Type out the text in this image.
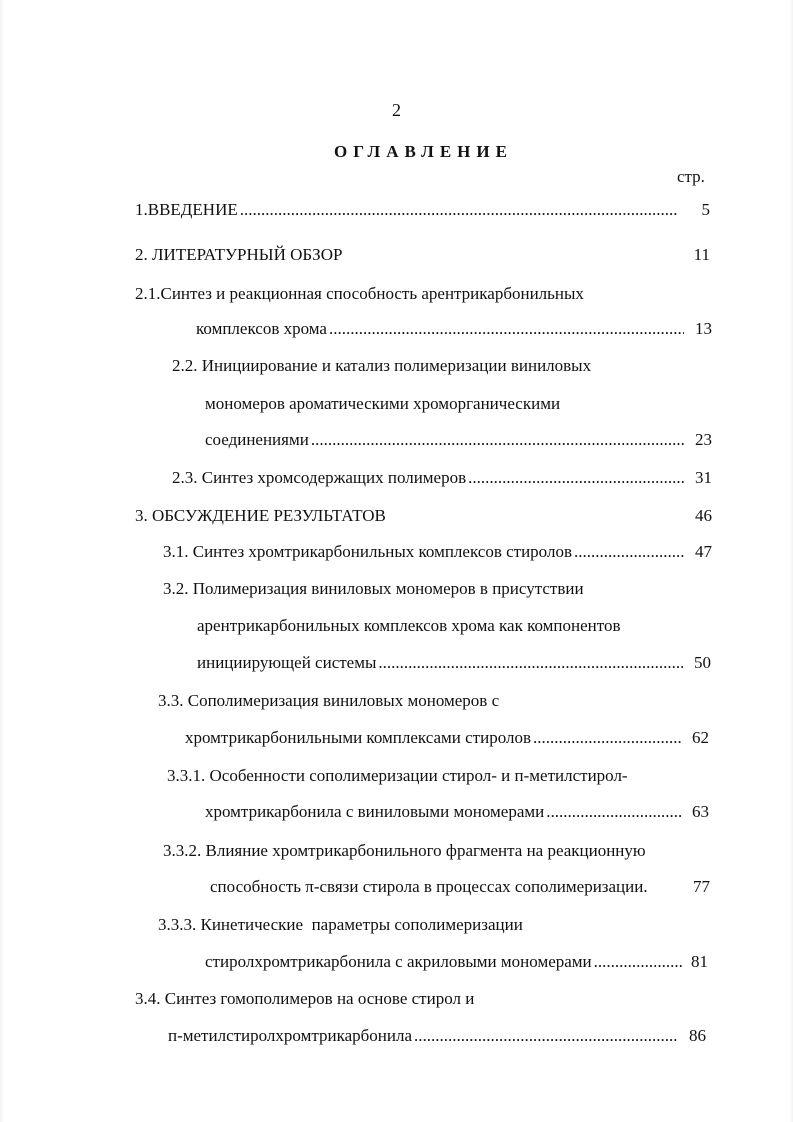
2
ОГЛАВЛЕНИЕ
стр.
1.ВВЕДЕНИЕ .....	5
2. ЛИТЕРАТУРНЫЙ ОБЗОР	11
2.1.Синтез и реакционная способность арентрикарбонильных
комплексов хрома .....	13
2.2. Инициирование и катализ полимеризации виниловых
мономеров ароматическими хроморганическими
соединениями .....	23
2.3. Синтез хромсодержащих полимеров .....	31
3. ОБСУЖДЕНИЕ РЕЗУЛЬТАТОВ	46
3.1. Синтез хромтрикарбонильных комплексов стиролов .....	47
3.2. Полимеризация виниловых мономеров в присутствии
арентрикарбонильных комплексов хрома как компонентов
инициирующей системы .....	50
3.3. Сополимеризация виниловых мономеров с
хромтрикарбонильными комплексами стиролов .....	62
3.3.1. Особенности сополимеризации стирол- и п-метилстирол-
хромтрикарбонила с виниловыми мономерами .....	63
3.3.2. Влияние хромтрикарбонильного фрагмента на реакционную
способность π-связи стирола в процессах сополимеризации.	77
3.3.3. Кинетические  параметры сополимеризации
стиролхромтрикарбонила с акриловыми мономерами .....	81
3.4. Синтез гомополимеров на основе стирол и
п-метилстиролхромтрикарбонила .....	86
